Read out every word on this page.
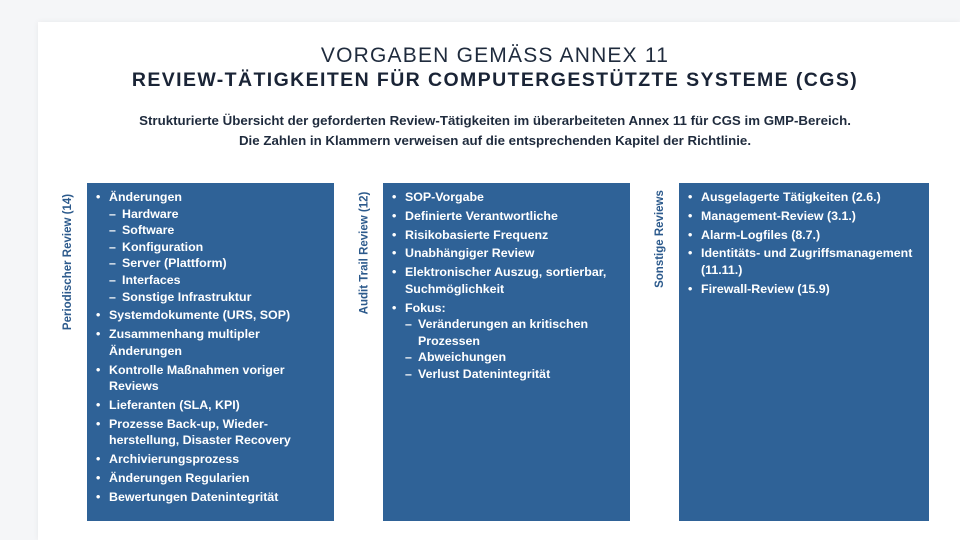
VORGABEN GEMÄSS ANNEX 11
REVIEW-TÄTIGKEITEN FÜR COMPUTERGESTÜTZTE SYSTEME (CGS)
Strukturierte Übersicht der geforderten Review-Tätigkeiten im überarbeiteten Annex 11 für CGS im GMP-Bereich.
Die Zahlen in Klammern verweisen auf die entsprechenden Kapitel der Richtlinie.
Periodischer Review (14)	• Änderungen
– Hardware
– Software
– Konfiguration
– Server (Plattform)
– Interfaces
– Sonstige Infrastruktur
• Systemdokumente (URS, SOP)
• Zusammenhang multipler Änderungen
• Kontrolle Maßnahmen voriger Reviews
• Lieferanten (SLA, KPI)
• Prozesse Back-up, Wieder-herstellung, Disaster Recovery
• Archivierungsprozess
• Änderungen Regularien
• Bewertungen Datenintegrität
Audit Trail Review (12)	• SOP-Vorgabe
• Definierte Verantwortliche
• Risikobasierte Frequenz
• Unabhängiger Review
• Elektronischer Auszug, sortierbar, Suchmöglichkeit
• Fokus:
– Veränderungen an kritischen Prozessen
– Abweichungen
– Verlust Datenintegrität
Sonstige Reviews	• Ausgelagerte Tätigkeiten (2.6.)
• Management-Review (3.1.)
• Alarm-Logfiles (8.7.)
• Identitäts- und Zugriffsmanagement (11.11.)
• Firewall-Review (15.9)
